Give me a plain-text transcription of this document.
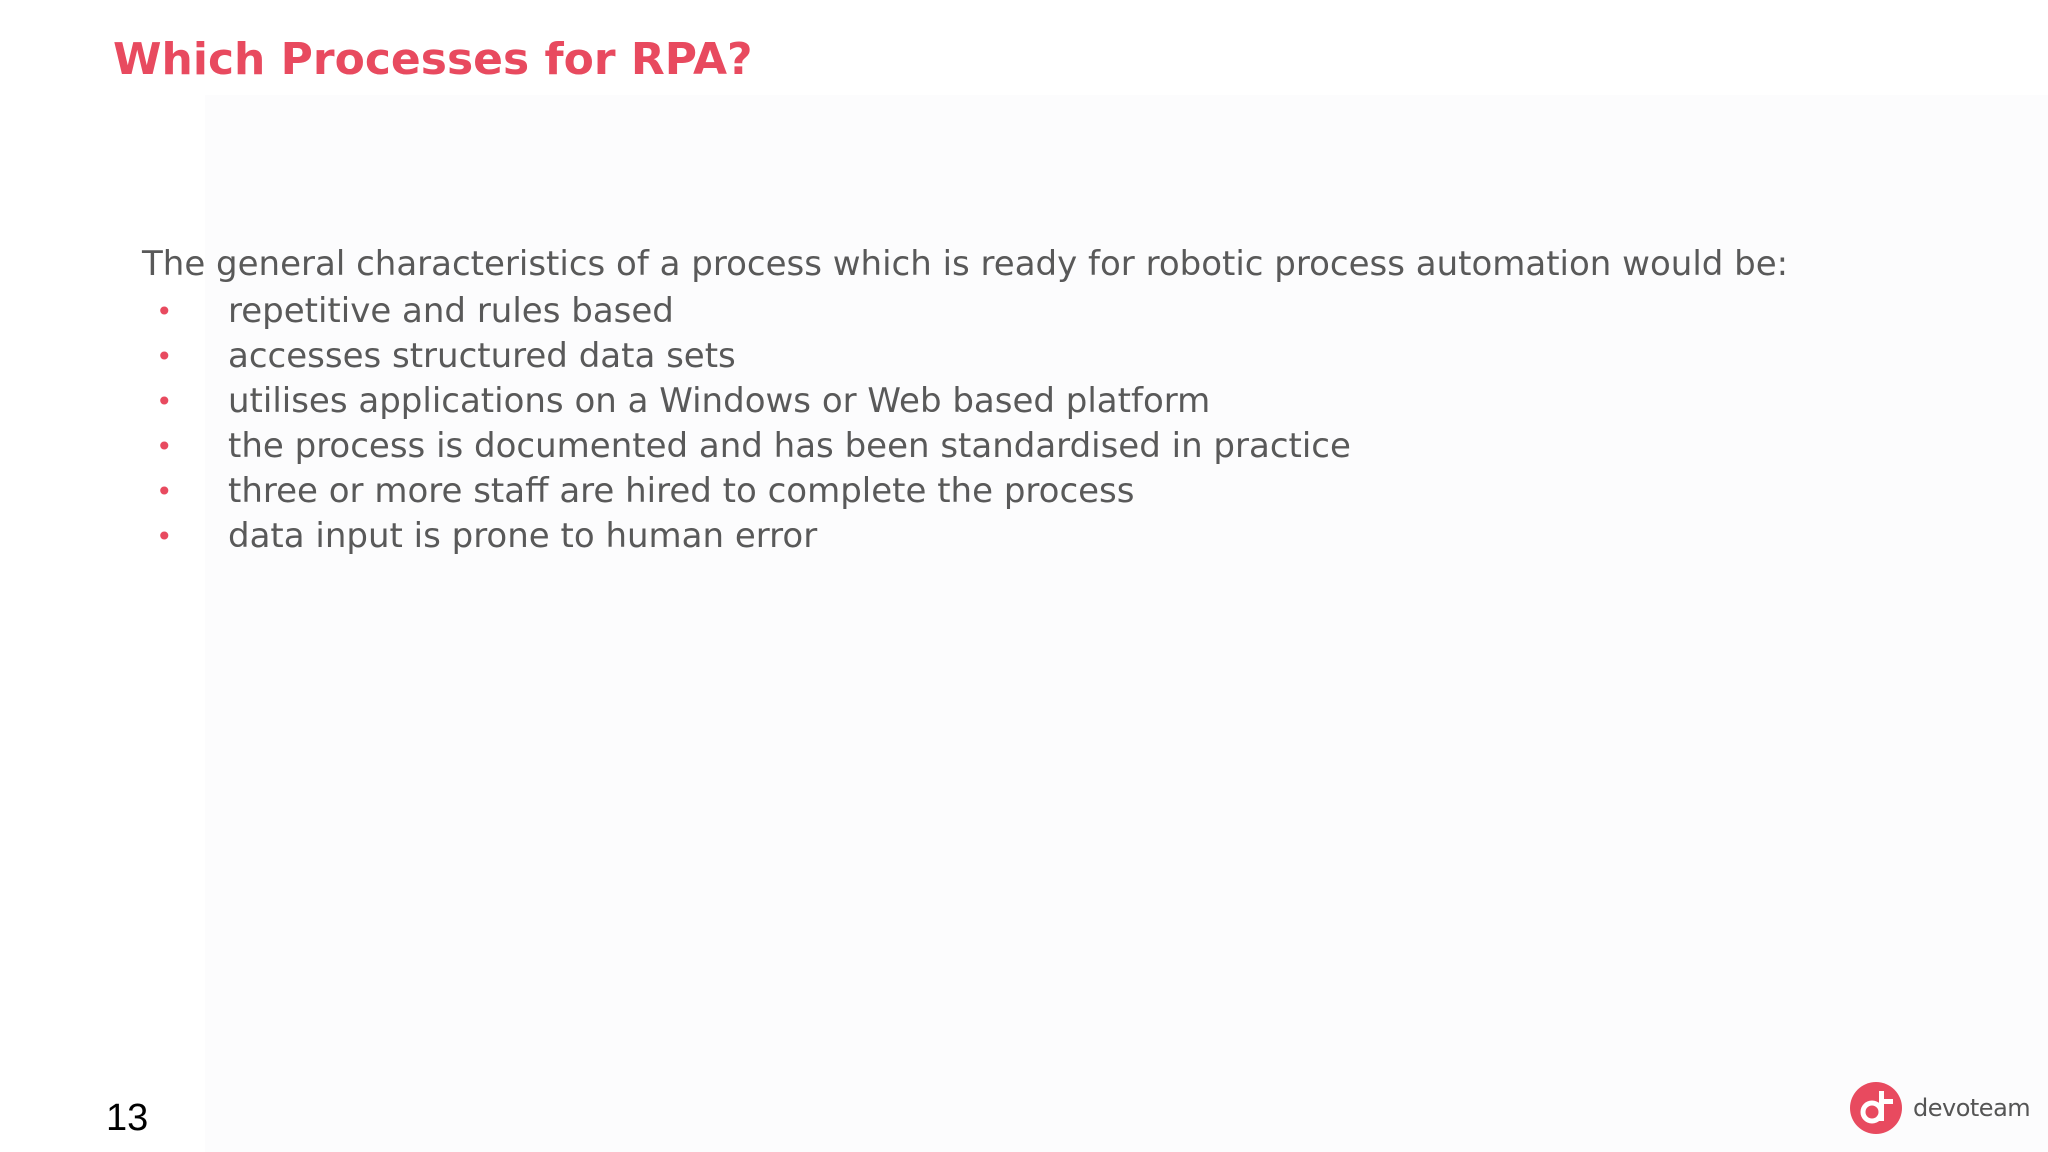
Which Processes for RPA?

The general characteristics of a process which is ready for robotic process automation would be:

• repetitive and rules based
• accesses structured data sets
• utilises applications on a Windows or Web based platform
• the process is documented and has been standardised in practice
• three or more staff are hired to complete the process
• data input is prone to human error
13	devoteam
